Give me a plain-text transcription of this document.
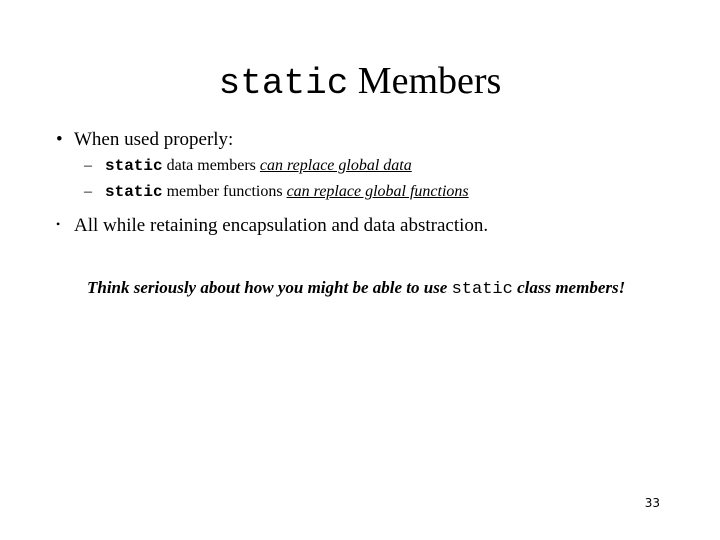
static Members
• When used properly:
– static data members can replace global data
– static member functions can replace global functions
• All while retaining encapsulation and data abstraction.
Think seriously about how you might be able to use static class members!
33
